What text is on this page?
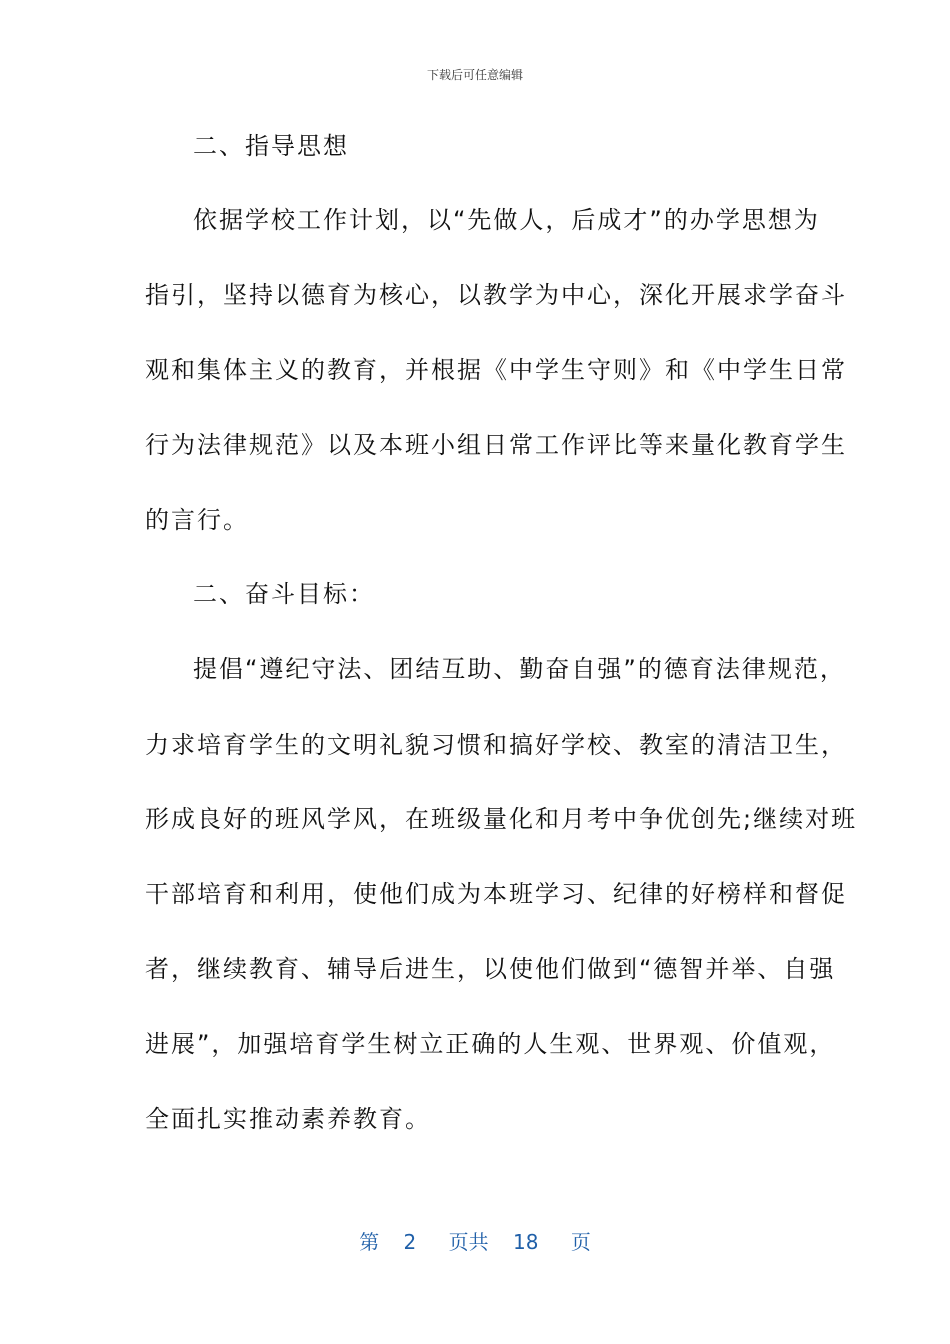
下载后可任意编辑
二、指导思想
依据学校工作计划，以“先做人，后成才”的办学思想为
指引，坚持以德育为核心，以教学为中心，深化开展求学奋斗
观和集体主义的教育，并根据《中学生守则》和《中学生日常
行为法律规范》以及本班小组日常工作评比等来量化教育学生
的言行。
二、奋斗目标：
提倡“遵纪守法、团结互助、勤奋自强”的德育法律规范，
力求培育学生的文明礼貌习惯和搞好学校、教室的清洁卫生，
形成良好的班风学风，在班级量化和月考中争优创先;继续对班
干部培育和利用，使他们成为本班学习、纪律的好榜样和督促
者，继续教育、辅导后进生，以使他们做到“德智并举、自强
进展”，加强培育学生树立正确的人生观、世界观、价值观，
全面扎实推动素养教育。
第 2 页共 18 页
